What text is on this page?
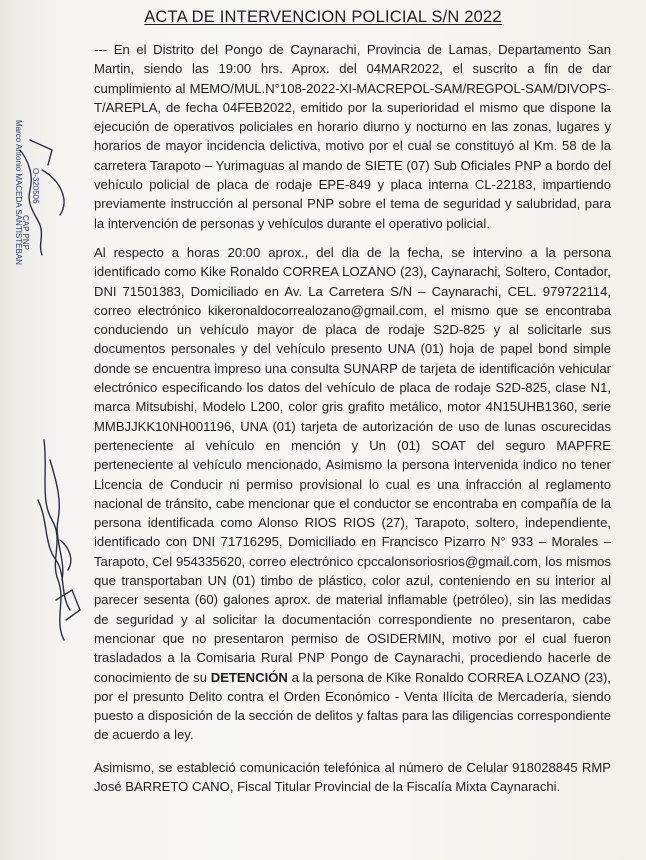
ACTA DE INTERVENCION POLICIAL S/N 2022

--- En el Distrito del Pongo de Caynarachi, Provincia de Lamas, Departamento San Martin, siendo las 19:00 hrs. Aprox. del 04MAR2022, el suscrito a fin de dar cumplimiento al MEMO/MUL.N°108-2022-XI-MACREPOL-SAM/REGPOL-SAM/DIVOPS-T/AREPLA, de fecha 04FEB2022, emitido por la superioridad el mismo que dispone la ejecución de operativos policiales en horario diurno y nocturno en las zonas, lugares y horarios de mayor incidencia delictiva, motivo por el cual se constituyó al Km. 58 de la carretera Tarapoto – Yurimaguas al mando de SIETE (07) Sub Oficiales PNP a bordo del vehículo policial de placa de rodaje EPE-849 y placa interna CL-22183, impartiendo previamente instrucción al personal PNP sobre el tema de seguridad y salubridad, para la intervención de personas y vehículos durante el operativo policial.

Al respecto a horas 20:00 aprox., del dia de la fecha, se intervino a la persona identificado como Kike Ronaldo CORREA LOZANO (23), Caynarachi, Soltero, Contador, DNI 71501383, Domiciliado en Av. La Carretera S/N – Caynarachi, CEL. 979722114, correo electrónico kikeronaldocorrealozano@gmail.com, el mismo que se encontraba conduciendo un vehículo mayor de placa de rodaje S2D-825 y al solicitarle sus documentos personales y del vehículo presento UNA (01) hoja de papel bond simple donde se encuentra impreso una consulta SUNARP de tarjeta de identificación vehicular electrónico especificando los datos del vehículo de placa de rodaje S2D-825, clase N1, marca Mitsubishi, Modelo L200, color gris grafito metálico, motor 4N15UHB1360, serie MMBJJKK10NH001196, UNA (01) tarjeta de autorización de uso de lunas oscurecidas perteneciente al vehículo en mención y Un (01) SOAT del seguro MAPFRE perteneciente al vehículo mencionado, Asimismo la persona intervenida indico no tener Licencia de Conducir ni permiso provisional lo cual es una infracción al reglamento nacional de tránsito, cabe mencionar que el conductor se encontraba en compañía de la persona identificada como Alonso RIOS RIOS (27), Tarapoto, soltero, independiente, identificado con DNI 71716295, Domiciliado en Francisco Pizarro N° 933 – Morales – Tarapoto, Cel 954335620, correo electrónico cpccalonsoriosrios@gmail.com, los mismos que transportaban UN (01) timbo de plástico, color azul, conteniendo en su interior al parecer sesenta (60) galones aprox. de material inflamable (petróleo), sin las medidas de seguridad y al solicitar la documentación correspondiente no presentaron, cabe mencionar que no presentaron permiso de OSIDERMIN, motivo por el cual fueron trasladados a la Comisaria Rural PNP Pongo de Caynarachi, procediendo hacerle de conocimiento de su DETENCIÓN a la persona de Kike Ronaldo CORREA LOZANO (23), por el presunto Delito contra el Orden Económico - Venta Ilícita de Mercadería, siendo puesto a disposición de la sección de delitos y faltas para las diligencias correspondiente de acuerdo a ley.

Asimismo, se estableció comunicación telefónica al número de Celular 918028845 RMP José BARRETO CANO, Fiscal Titular Provincial de la Fiscalía Mixta Caynarachi.

Marco Antonio MACEDA SANTISTEBAN
CAP PNP
O-320506
